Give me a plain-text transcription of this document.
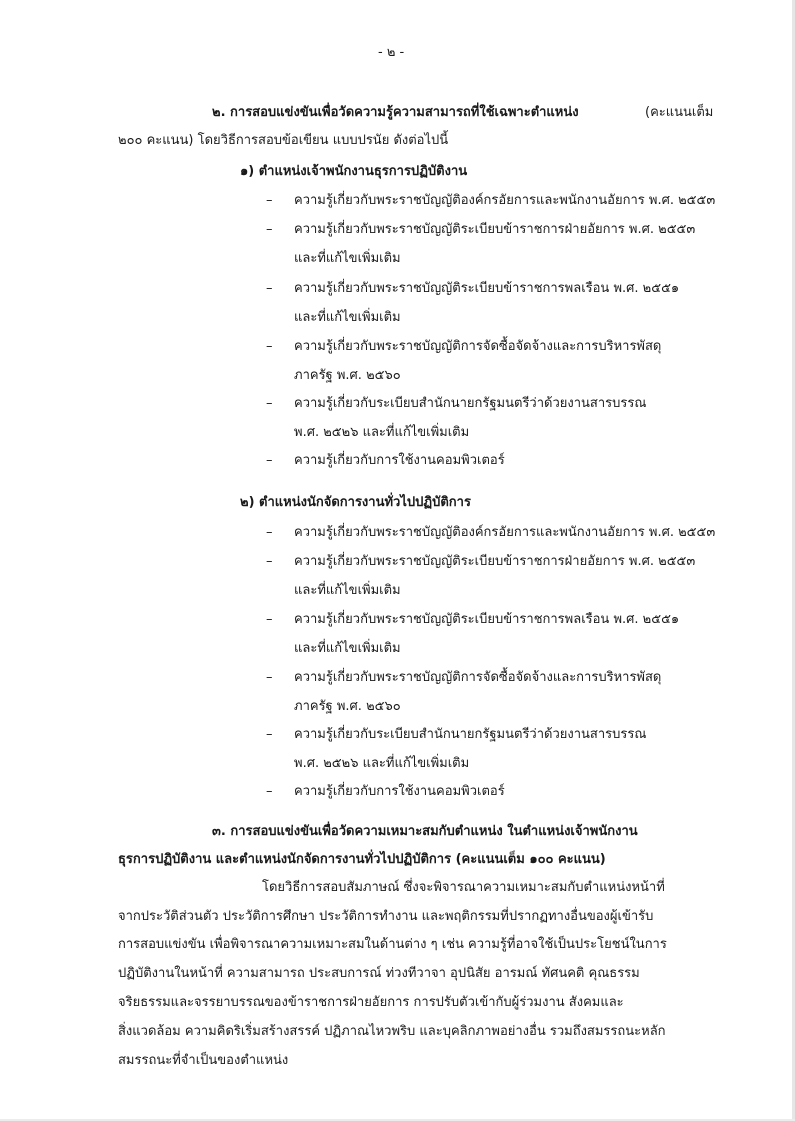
- ๒ -
๒. การสอบแข่งขันเพื่อวัดความรู้ความสามารถที่ใช้เฉพาะตำแหน่ง	(คะแนนเต็ม
๒๐๐ คะแนน) โดยวิธีการสอบข้อเขียน แบบปรนัย ดังต่อไปนี้
๑) ตำแหน่งเจ้าพนักงานธุรการปฏิบัติงาน
– ความรู้เกี่ยวกับพระราชบัญญัติองค์กรอัยการและพนักงานอัยการ พ.ศ. ๒๕๕๓
– ความรู้เกี่ยวกับพระราชบัญญัติระเบียบข้าราชการฝ่ายอัยการ พ.ศ. ๒๕๕๓
และที่แก้ไขเพิ่มเติม
– ความรู้เกี่ยวกับพระราชบัญญัติระเบียบข้าราชการพลเรือน พ.ศ. ๒๕๕๑
และที่แก้ไขเพิ่มเติม
– ความรู้เกี่ยวกับพระราชบัญญัติการจัดซื้อจัดจ้างและการบริหารพัสดุ
ภาครัฐ พ.ศ. ๒๕๖๐
– ความรู้เกี่ยวกับระเบียบสำนักนายกรัฐมนตรีว่าด้วยงานสารบรรณ
พ.ศ. ๒๕๒๖ และที่แก้ไขเพิ่มเติม
– ความรู้เกี่ยวกับการใช้งานคอมพิวเตอร์
๒) ตำแหน่งนักจัดการงานทั่วไปปฏิบัติการ
– ความรู้เกี่ยวกับพระราชบัญญัติองค์กรอัยการและพนักงานอัยการ พ.ศ. ๒๕๕๓
– ความรู้เกี่ยวกับพระราชบัญญัติระเบียบข้าราชการฝ่ายอัยการ พ.ศ. ๒๕๕๓
และที่แก้ไขเพิ่มเติม
– ความรู้เกี่ยวกับพระราชบัญญัติระเบียบข้าราชการพลเรือน พ.ศ. ๒๕๕๑
และที่แก้ไขเพิ่มเติม
– ความรู้เกี่ยวกับพระราชบัญญัติการจัดซื้อจัดจ้างและการบริหารพัสดุ
ภาครัฐ พ.ศ. ๒๕๖๐
– ความรู้เกี่ยวกับระเบียบสำนักนายกรัฐมนตรีว่าด้วยงานสารบรรณ
พ.ศ. ๒๕๒๖ และที่แก้ไขเพิ่มเติม
– ความรู้เกี่ยวกับการใช้งานคอมพิวเตอร์
๓. การสอบแข่งขันเพื่อวัดความเหมาะสมกับตำแหน่ง ในตำแหน่งเจ้าพนักงาน
ธุรการปฏิบัติงาน และตำแหน่งนักจัดการงานทั่วไปปฏิบัติการ (คะแนนเต็ม ๑๐๐ คะแนน)
โดยวิธีการสอบสัมภาษณ์ ซึ่งจะพิจารณาความเหมาะสมกับตำแหน่งหน้าที่
จากประวัติส่วนตัว ประวัติการศึกษา ประวัติการทำงาน และพฤติกรรมที่ปรากฏทางอื่นของผู้เข้ารับ
การสอบแข่งขัน เพื่อพิจารณาความเหมาะสมในด้านต่าง ๆ เช่น ความรู้ที่อาจใช้เป็นประโยชน์ในการ
ปฏิบัติงานในหน้าที่ ความสามารถ ประสบการณ์ ท่วงทีวาจา อุปนิสัย อารมณ์ ทัศนคติ คุณธรรม
จริยธรรมและจรรยาบรรณของข้าราชการฝ่ายอัยการ การปรับตัวเข้ากับผู้ร่วมงาน สังคมและ
สิ่งแวดล้อม ความคิดริเริ่มสร้างสรรค์ ปฏิภาณไหวพริบ และบุคลิกภาพอย่างอื่น รวมถึงสมรรถนะหลัก
สมรรถนะที่จำเป็นของตำแหน่ง
